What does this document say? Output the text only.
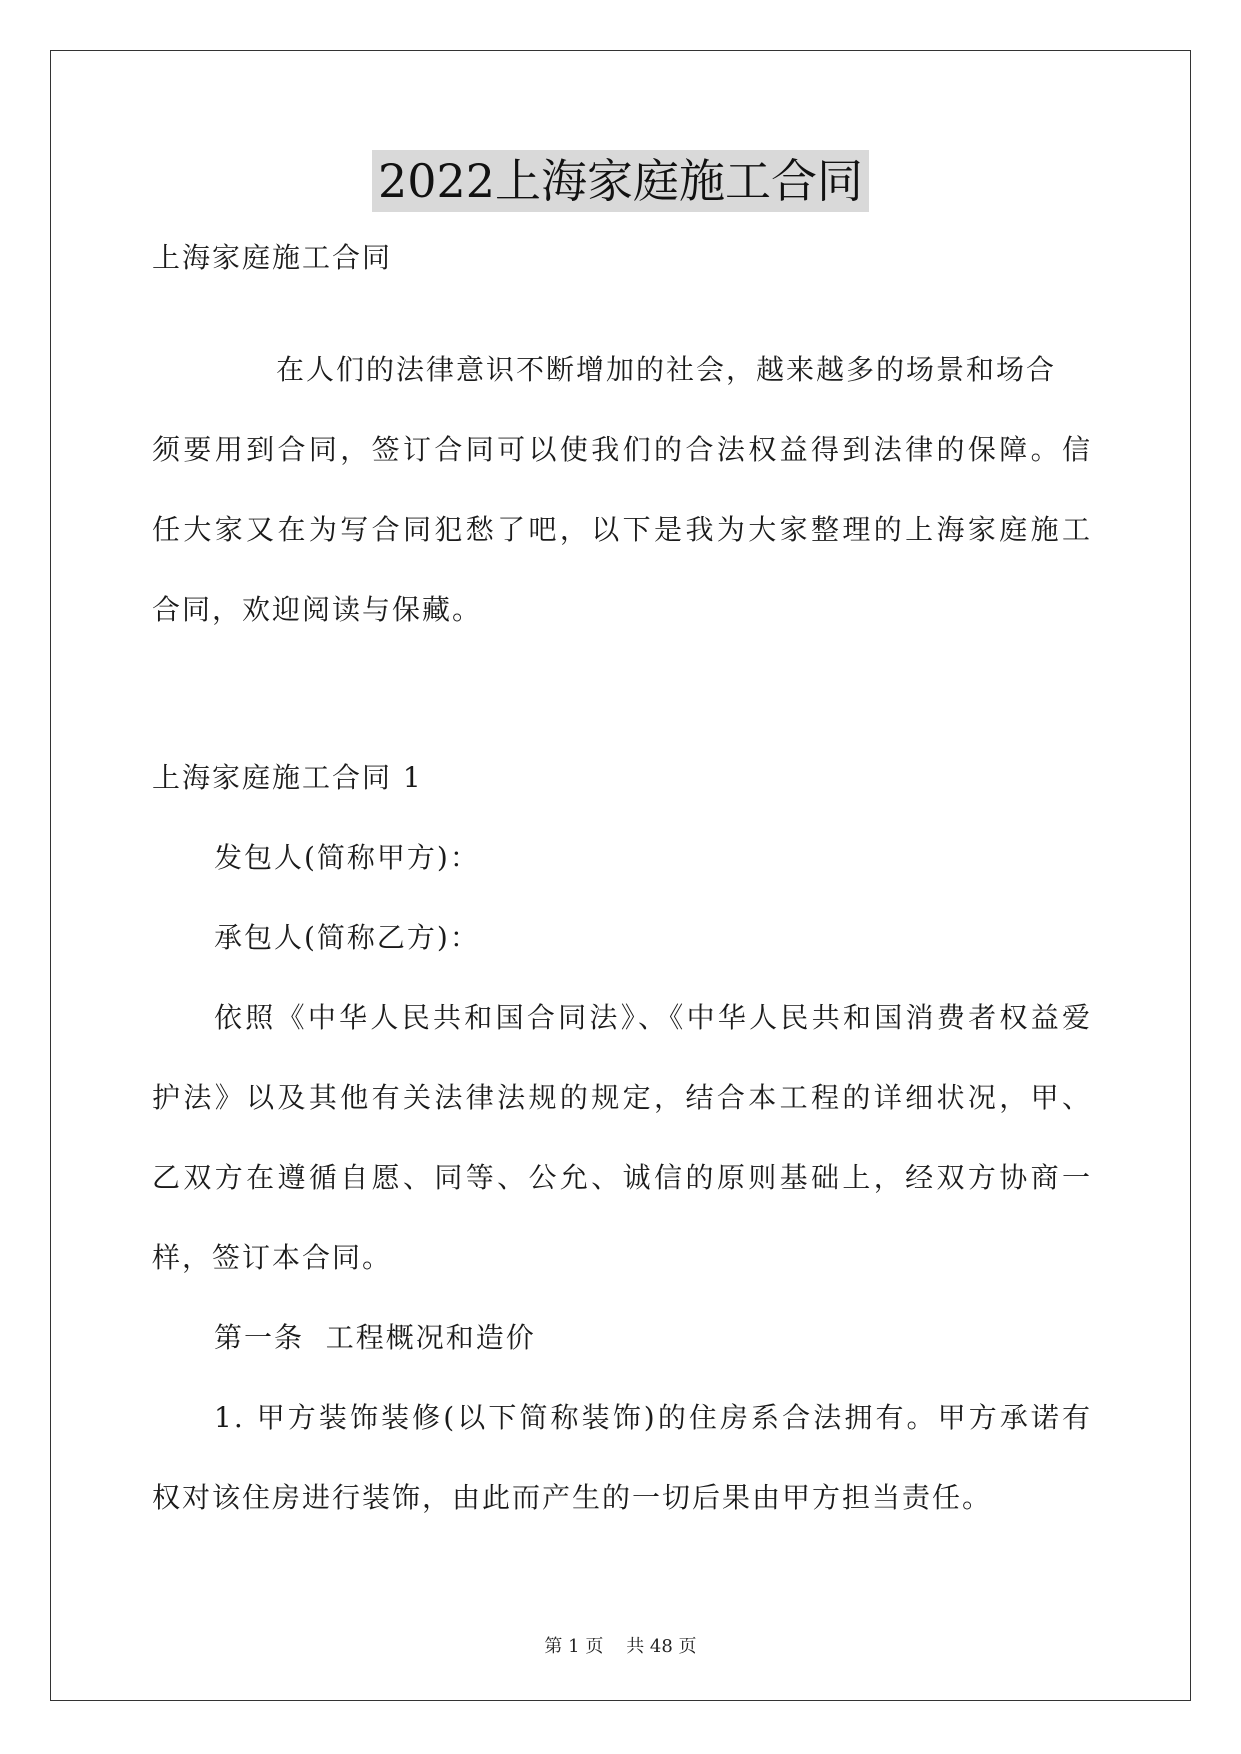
2022上海家庭施工合同
上海家庭施工合同
在人们的法律意识不断增加的社会，越来越多的场景和场合
须要用到合同，签订合同可以使我们的合法权益得到法律的保障。信
任大家又在为写合同犯愁了吧，以下是我为大家整理的上海家庭施工
合同，欢迎阅读与保藏。
上海家庭施工合同 1
发包人(简称甲方)：
承包人(简称乙方)：
依照《中华人民共和国合同法》、《中华人民共和国消费者权益爱
护法》以及其他有关法律法规的规定，结合本工程的详细状况，甲、
乙双方在遵循自愿、同等、公允、诚信的原则基础上，经双方协商一
样，签订本合同。
第一条  工程概况和造价
1. 甲方装饰装修(以下简称装饰)的住房系合法拥有。甲方承诺有
权对该住房进行装饰，由此而产生的一切后果由甲方担当责任。
第 1 页    共 48 页
